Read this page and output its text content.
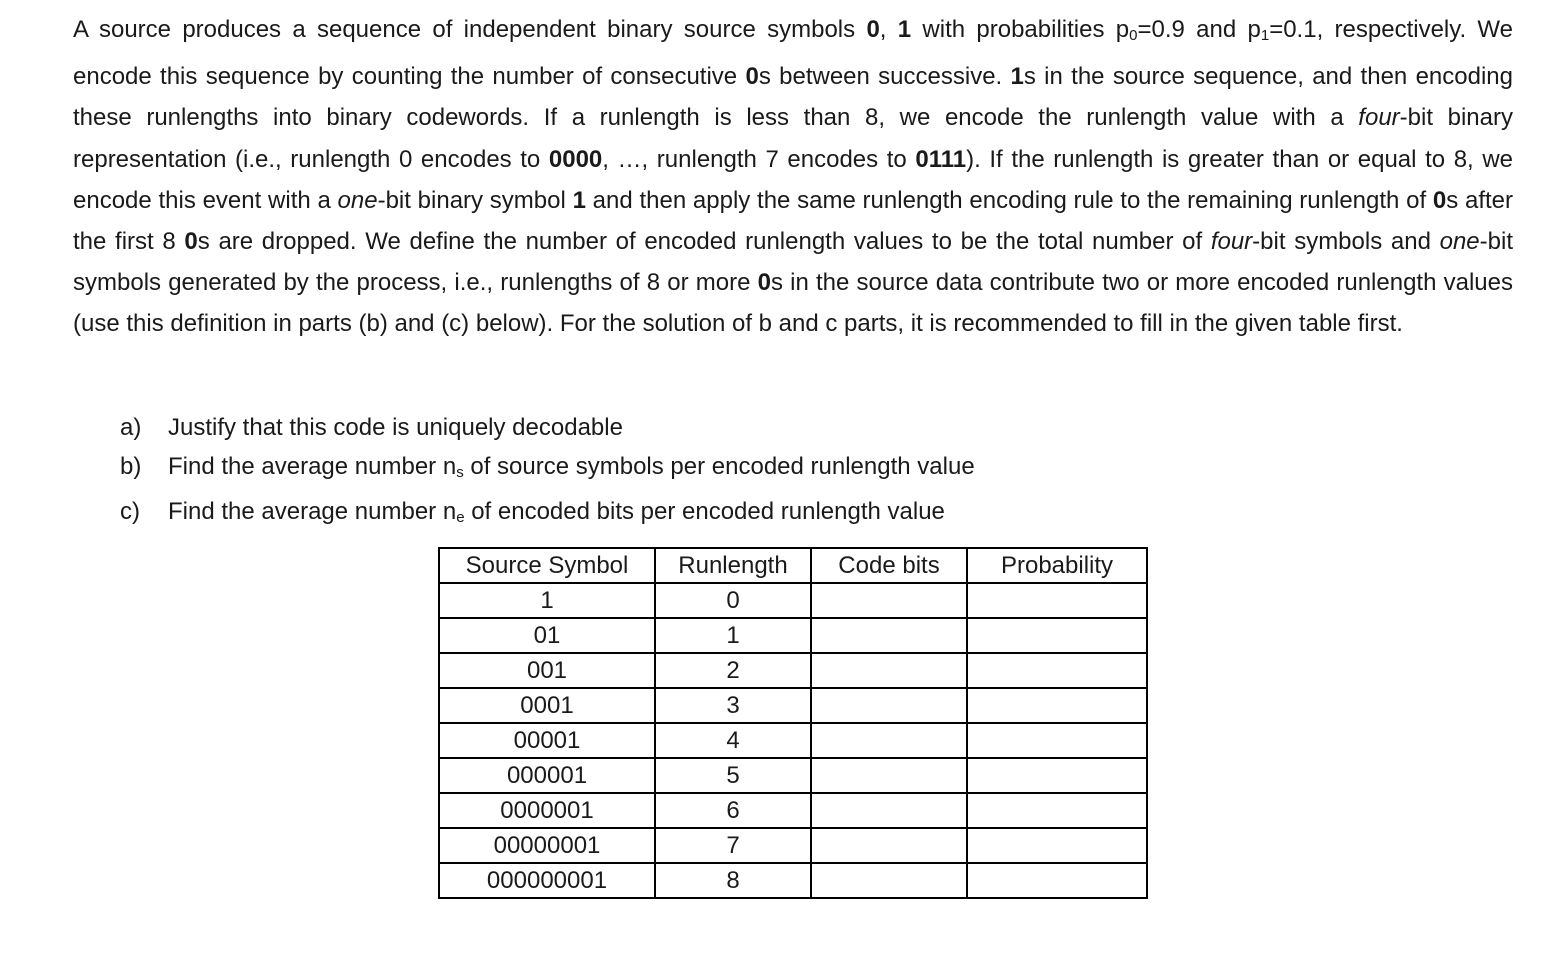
A source produces a sequence of independent binary source symbols 0, 1 with probabilities $p_0=0.9$ and $p_1=0.1$, respectively. We encode this sequence by counting the number of consecutive 0s between successive. 1s in the source sequence, and then encoding these runlengths into binary codewords. If a runlength is less than 8, we encode the runlength value with a four-bit binary representation (i.e., runlength 0 encodes to 0000, …, runlength 7 encodes to 0111). If the runlength is greater than or equal to 8, we encode this event with a one-bit binary symbol 1 and then apply the same runlength encoding rule to the remaining runlength of 0s after the first 8 0s are dropped. We define the number of encoded runlength values to be the total number of four-bit symbols and one-bit symbols generated by the process, i.e., runlengths of 8 or more 0s in the source data contribute two or more encoded runlength values (use this definition in parts (b) and (c) below). For the solution of b and c parts, it is recommended to fill in the given table first.

a)	Justify that this code is uniquely decodable
b)	Find the average number $n_s$ of source symbols per encoded runlength value
c)	Find the average number $n_e$ of encoded bits per encoded runlength value
Source Symbol	Runlength	Code bits	Probability
1	0		
01	1		
001	2		
0001	3		
00001	4		
000001	5		
0000001	6		
00000001	7		
000000001	8		
